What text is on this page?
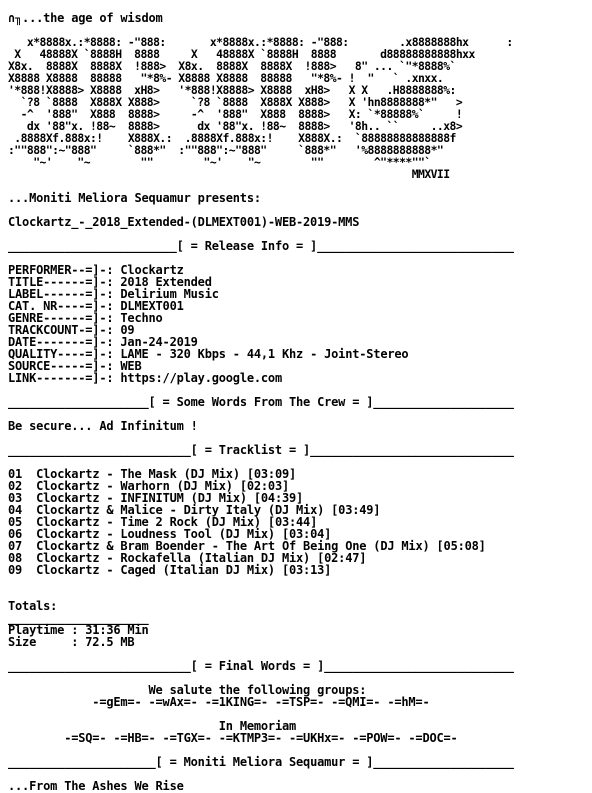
∩╖...the age of wisdom

x*8888x.:*8888: -"888:       x*8888x.:*8888: -"888:        .x8888888hx      :
X   48888X `8888H  8888     X   48888X `8888H  8888       d88888888888hxx
X8x.  8888X  8888X  !888>  X8x.  8888X  8888X  !888>   8" ... `"*8888%`
X8888 X8888  88888   "*8%- X8888 X8888  88888   "*8%- !  "   ` .xnxx.
'*888!X8888> X8888  xH8>   '*888!X8888> X8888  xH8>   X X   .H8888888%:
`?8 `8888  X888X X888>     `?8 `8888  X888X X888>   X 'hn8888888*"   >
-^  '888"  X888  8888>     -^  '888"  X888  8888>   X: `*88888%`     !
dx '88"x. !88~  8888>      dx '88"x. !88~  8888>   '8h.. ``     ..x8>
.8888Xf.888x:!    X888X.:  .8888Xf.888x:!    X888X.:  `88888888888888f
:""888":~"888"     `888*"  :""888":~"888"     `888*"   '%8888888888*"
"~'    "~        ""        "~'    "~        ""        ^"****""`
MMXVII
...Moniti Meliora Sequamur presents:
Clockartz_-_2018_Extended-(DLMEXT001)-WEB-2019-MMS
________________________[ = Release Info = ]____________________________
PERFORMER--=]-: Clockartz
TITLE------=]-: 2018 Extended
LABEL------=]-: Delirium Music
CAT. NR----=]-: DLMEXT001
GENRE------=]-: Techno
TRACKCOUNT-=]-: 09
DATE-------=]-: Jan-24-2019
QUALITY----=]-: LAME - 320 Kbps - 44,1 Khz - Joint-Stereo
SOURCE-----=]-: WEB
LINK-------=]-: https://play.google.com
____________________[ = Some Words From The Crew = ]____________________
Be secure... Ad Infinitum !
__________________________[ = Tracklist = ]_____________________________
01 Clockartz - The Mask (DJ Mix) [03:09]
02 Clockartz - Warhorn (DJ Mix) [02:03]
03 Clockartz - INFINITUM (DJ Mix) [04:39]
04 Clockartz & Malice - Dirty Italy (DJ Mix) [03:49]
05 Clockartz - Time 2 Rock (DJ Mix) [03:44]
06 Clockartz - Loudness Tool (DJ Mix) [03:04]
07 Clockartz & Bram Boender - The Art Of Being One (DJ Mix) [05:08]
08 Clockartz - Rockafella (Italian DJ Mix) [02:47]
09 Clockartz - Caged (Italian DJ Mix) [03:13]
Totals:
____________________
Playtime : 31:36 Min
Size     : 72.5 MB
__________________________[ = Final Words = ]___________________________
We salute the following groups:
-=gEm=- -=wAx=- -=1KING=- -=TSP=- -=QMI=- -=hM=-
In Memoriam
-=SQ=- -=HB=- -=TGX=- -=KTMP3=- -=UKHx=- -=POW=- -=DOC=-
_____________________[ = Moniti Meliora Sequamur = ]____________________
...From The Ashes We Rise
